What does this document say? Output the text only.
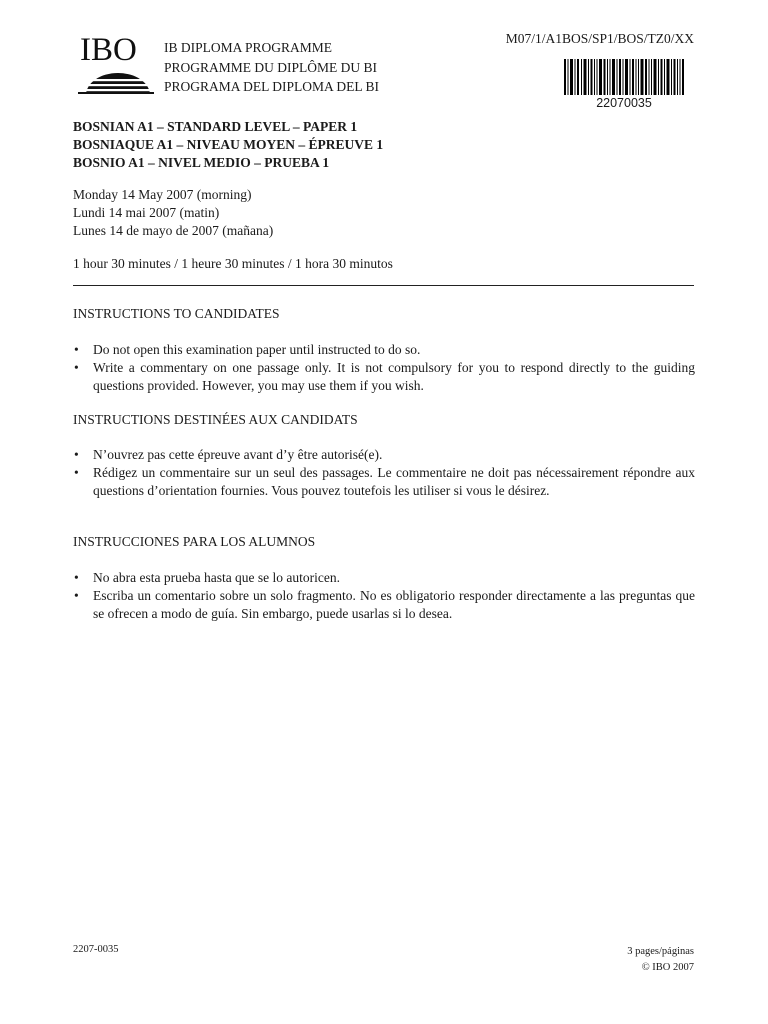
IBO IB DIPLOMA PROGRAMME
PROGRAMME DU DIPLÔME DU BI
PROGRAMA DEL DIPLOMA DEL BI
M07/1/A1BOS/SP1/BOS/TZ0/XX
22070035
BOSNIAN A1 – STANDARD LEVEL – PAPER 1
BOSNIAQUE A1 – NIVEAU MOYEN – ÉPREUVE 1
BOSNIO A1 – NIVEL MEDIO – PRUEBA 1
Monday 14 May 2007 (morning)
Lundi 14 mai 2007 (matin)
Lunes 14 de mayo de 2007 (mañana)
1 hour 30 minutes / 1 heure 30 minutes / 1 hora 30 minutos
INSTRUCTIONS TO CANDIDATES
• Do not open this examination paper until instructed to do so.
• Write a commentary on one passage only. It is not compulsory for you to respond directly to the guiding questions provided. However, you may use them if you wish.
INSTRUCTIONS DESTINÉES AUX CANDIDATS
• N’ouvrez pas cette épreuve avant d’y être autorisé(e).
• Rédigez un commentaire sur un seul des passages. Le commentaire ne doit pas nécessairement répondre aux questions d’orientation fournies. Vous pouvez toutefois les utiliser si vous le désirez.
INSTRUCCIONES PARA LOS ALUMNOS
• No abra esta prueba hasta que se lo autoricen.
• Escriba un comentario sobre un solo fragmento. No es obligatorio responder directamente a las preguntas que se ofrecen a modo de guía. Sin embargo, puede usarlas si lo desea.
2207-0035	3 pages/páginas
© IBO 2007
